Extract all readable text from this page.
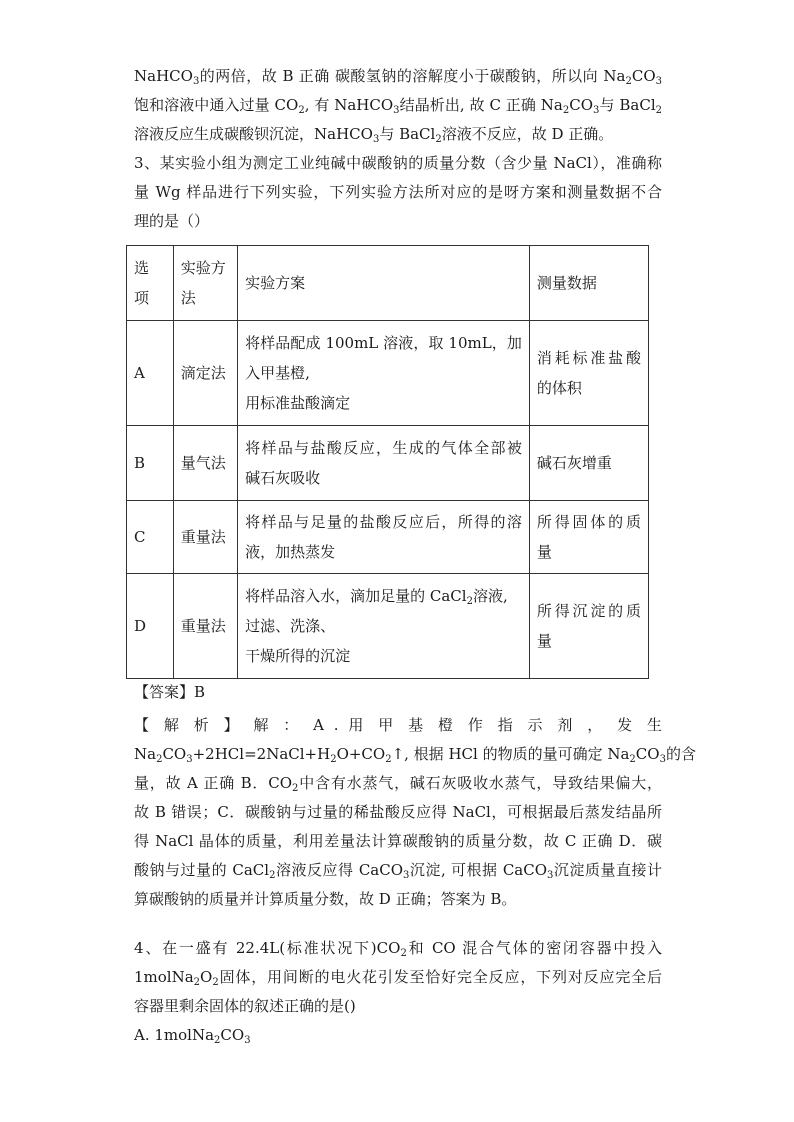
NaHCO$_3$的两倍，故 B 正确 碳酸氢钠的溶解度小于碳酸钠，所以向 $Na_2CO_3$
饱和溶液中通入过量 $CO_2$, 有 NaHCO$_3$结晶析出, 故 C 正确 $Na_2CO_3$与 BaCl$_2$
溶液反应生成碳酸钡沉淀，NaHCO$_3$与 BaCl$_2$溶液不反应，故 D 正确。
3、某实验小组为测定工业纯碱中碳酸钠的质量分数（含少量 NaCl），准确称
量 Wg 样品进行下列实验，下列实验方法所对应的是呀方案和测量数据不合
理的是（）
选
项	实验方
法	实验方案	测量数据
A	滴定法	将样品配成 100mL 溶液，取 10mL，加
入甲基橙,
用标准盐酸滴定	消耗标准盐酸
的体积

B	量气法	将样品与盐酸反应，生成的气体全部被
碱石灰吸收	碱石灰增重

C	重量法	将样品与足量的盐酸反应后，所得的溶
液，加热蒸发	所得固体的质
量

D	重量法	将样品溶入水，滴加足量的 CaCl$_2$溶液,
过滤、洗涤、
干燥所得的沉淀	所得沉淀的质
量
【答案】B
【 解 析 】 解 ： A . 用 甲 基 橙 作 指 示 剂 ， 发 生
$Na_2CO_3+2HCl=2NaCl+H_2O+CO_2↑$, 根据 HCl 的物质的量可确定 $Na_2CO_3$的含
量，故 A 正确 B．$CO_2$中含有水蒸气，碱石灰吸收水蒸气，导致结果偏大，
故 B 错误；C．碳酸钠与过量的稀盐酸反应得 NaCl，可根据最后蒸发结晶所
得 NaCl 晶体的质量，利用差量法计算碳酸钠的质量分数，故 C 正确 D．碳
酸钠与过量的 CaCl$_2$溶液反应得 CaCO$_3$沉淀, 可根据 CaCO$_3$沉淀质量直接计
算碳酸钠的质量并计算质量分数，故 D 正确；答案为 B。
4、在一盛有 22.4L(标准状况下)$CO_2$和 CO 混合气体的密闭容器中投入
$1molNa_2O_2$固体，用间断的电火花引发至恰好完全反应，下列对反应完全后
容器里剩余固体的叙述正确的是()
A. $1molNa_2CO_3$
